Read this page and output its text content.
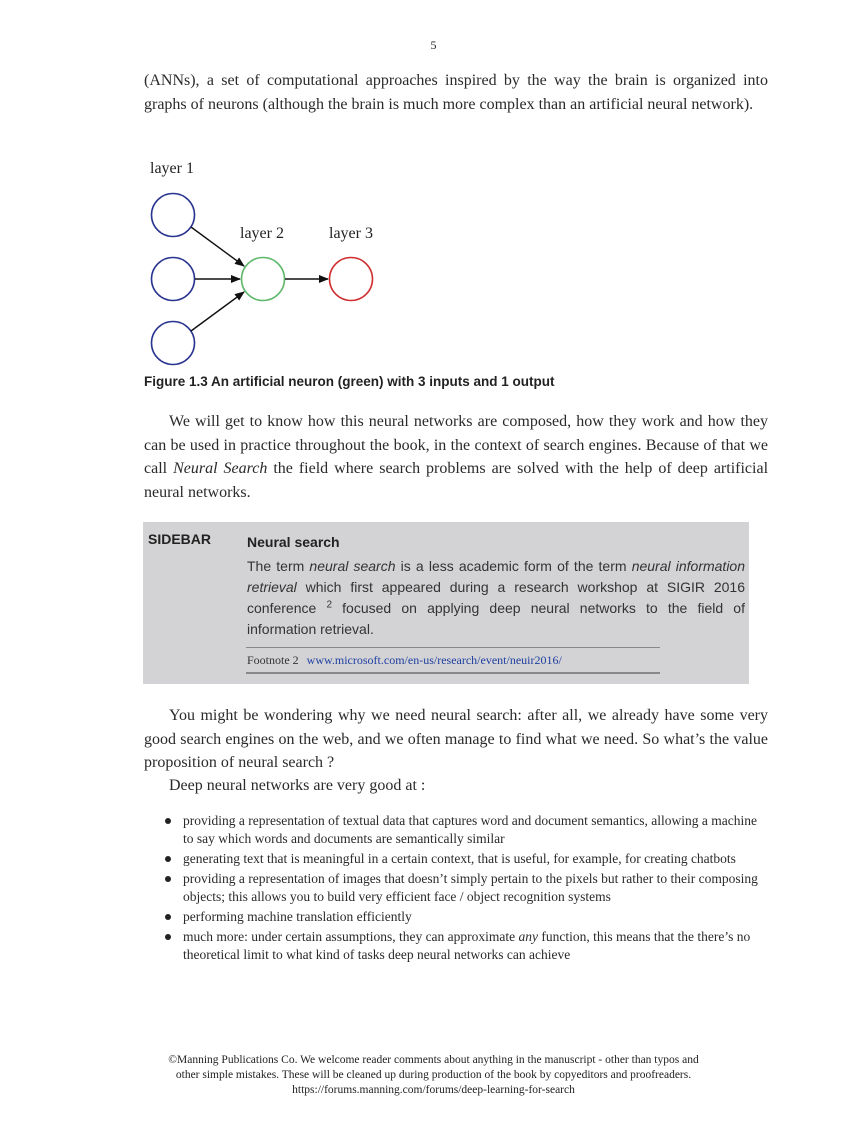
5
(ANNs), a set of computational approaches inspired by the way the brain is organized into graphs of neurons (although the brain is much more complex than an artificial neural network).
layer 1
layer 2	layer 3
Figure 1.3 An artificial neuron (green) with 3 inputs and 1 output
We will get to know how this neural networks are composed, how they work and how they can be used in practice throughout the book, in the context of search engines. Because of that we call Neural Search the field where search problems are solved with the help of deep artificial neural networks.
SIDEBAR	Neural search
The term neural search is a less academic form of the term neural information retrieval which first appeared during a research workshop at SIGIR 2016 conference $^2$ focused on applying deep neural networks to the field of information retrieval.
Footnote 2 www.microsoft.com/en-us/research/event/neuir2016/
You might be wondering why we need neural search: after all, we already have some very good search engines on the web, and we often manage to find what we need. So what’s the value proposition of neural search ?
Deep neural networks are very good at :
providing a representation of textual data that captures word and document semantics, allowing a machine to say which words and documents are semantically similar
generating text that is meaningful in a certain context, that is useful, for example, for creating chatbots
providing a representation of images that doesn’t simply pertain to the pixels but rather to their composing objects; this allows you to build very efficient face / object recognition systems
performing machine translation efficiently
much more: under certain assumptions, they can approximate any function, this means that the there’s no theoretical limit to what kind of tasks deep neural networks can achieve
©Manning Publications Co. We welcome reader comments about anything in the manuscript - other than typos and
other simple mistakes. These will be cleaned up during production of the book by copyeditors and proofreaders.
https://forums.manning.com/forums/deep-learning-for-search
